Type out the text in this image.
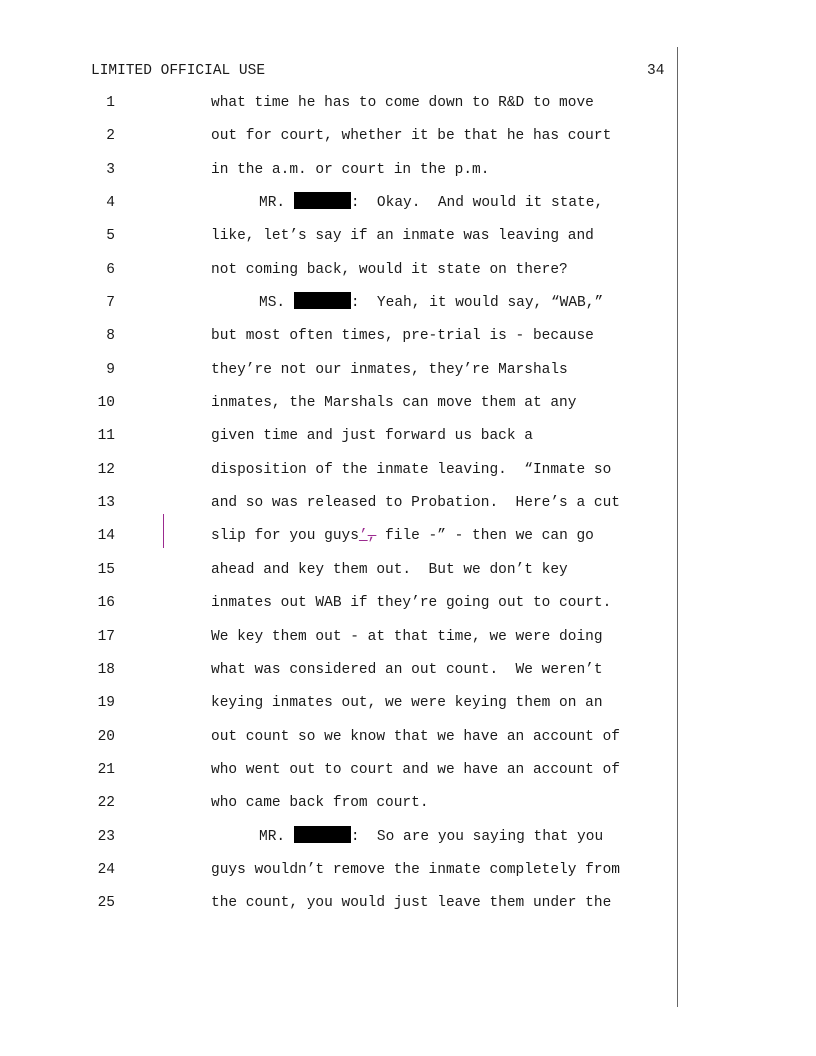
LIMITED OFFICIAL USE	34
1	what time he has to come down to R&D to move
2	out for court, whether it be that he has court
3	in the a.m. or court in the p.m.
4	MR.	:  Okay.  And would it state,
5	like, let’s say if an inmate was leaving and
6	not coming back, would it state on there?
7	MS.	:  Yeah, it would say, “WAB,”
8	but most often times, pre-trial is - because
9	they’re not our inmates, they’re Marshals
10	inmates, the Marshals can move them at any
11	given time and just forward us back a
12	disposition of the inmate leaving.  “Inmate so
13	and so was released to Probation.  Here’s a cut
14	slip for you guys’, file -” - then we can go
15	ahead and key them out.  But we don’t key
16	inmates out WAB if they’re going out to court.
17	We key them out - at that time, we were doing
18	what was considered an out count.  We weren’t
19	keying inmates out, we were keying them on an
20	out count so we know that we have an account of
21	who went out to court and we have an account of
22	who came back from court.
23	MR.	:  So are you saying that you
24	guys wouldn’t remove the inmate completely from
25	the count, you would just leave them under the
